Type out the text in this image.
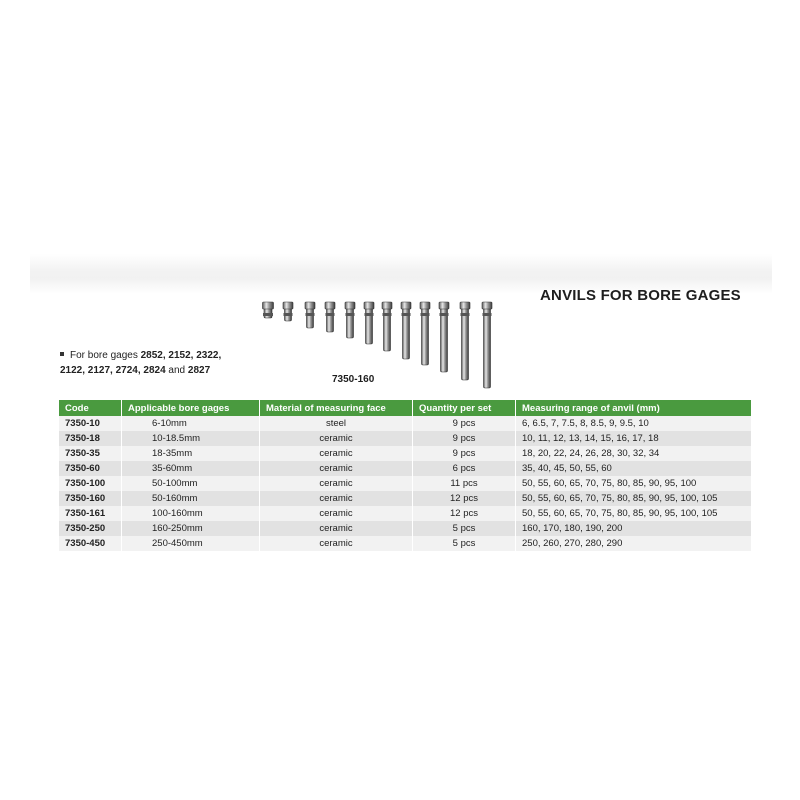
ANVILS FOR BORE GAGES
7350-160
For bore gages 2852, 2152, 2322,
2122, 2127, 2724, 2824 and 2827
Code	Applicable bore gages	Material of measuring face	Quantity per set	Measuring range of anvil (mm)
7350-10	6-10mm	steel	9 pcs	6, 6.5, 7, 7.5, 8, 8.5, 9, 9.5, 10
7350-18	10-18.5mm	ceramic	9 pcs	10, 11, 12, 13, 14, 15, 16, 17, 18
7350-35	18-35mm	ceramic	9 pcs	18, 20, 22, 24, 26, 28, 30, 32, 34
7350-60	35-60mm	ceramic	6 pcs	35, 40, 45, 50, 55, 60
7350-100	50-100mm	ceramic	11 pcs	50, 55, 60, 65, 70, 75, 80, 85, 90, 95, 100
7350-160	50-160mm	ceramic	12 pcs	50, 55, 60, 65, 70, 75, 80, 85, 90, 95, 100, 105
7350-161	100-160mm	ceramic	12 pcs	50, 55, 60, 65, 70, 75, 80, 85, 90, 95, 100, 105
7350-250	160-250mm	ceramic	5 pcs	160, 170, 180, 190, 200
7350-450	250-450mm	ceramic	5 pcs	250, 260, 270, 280, 290
